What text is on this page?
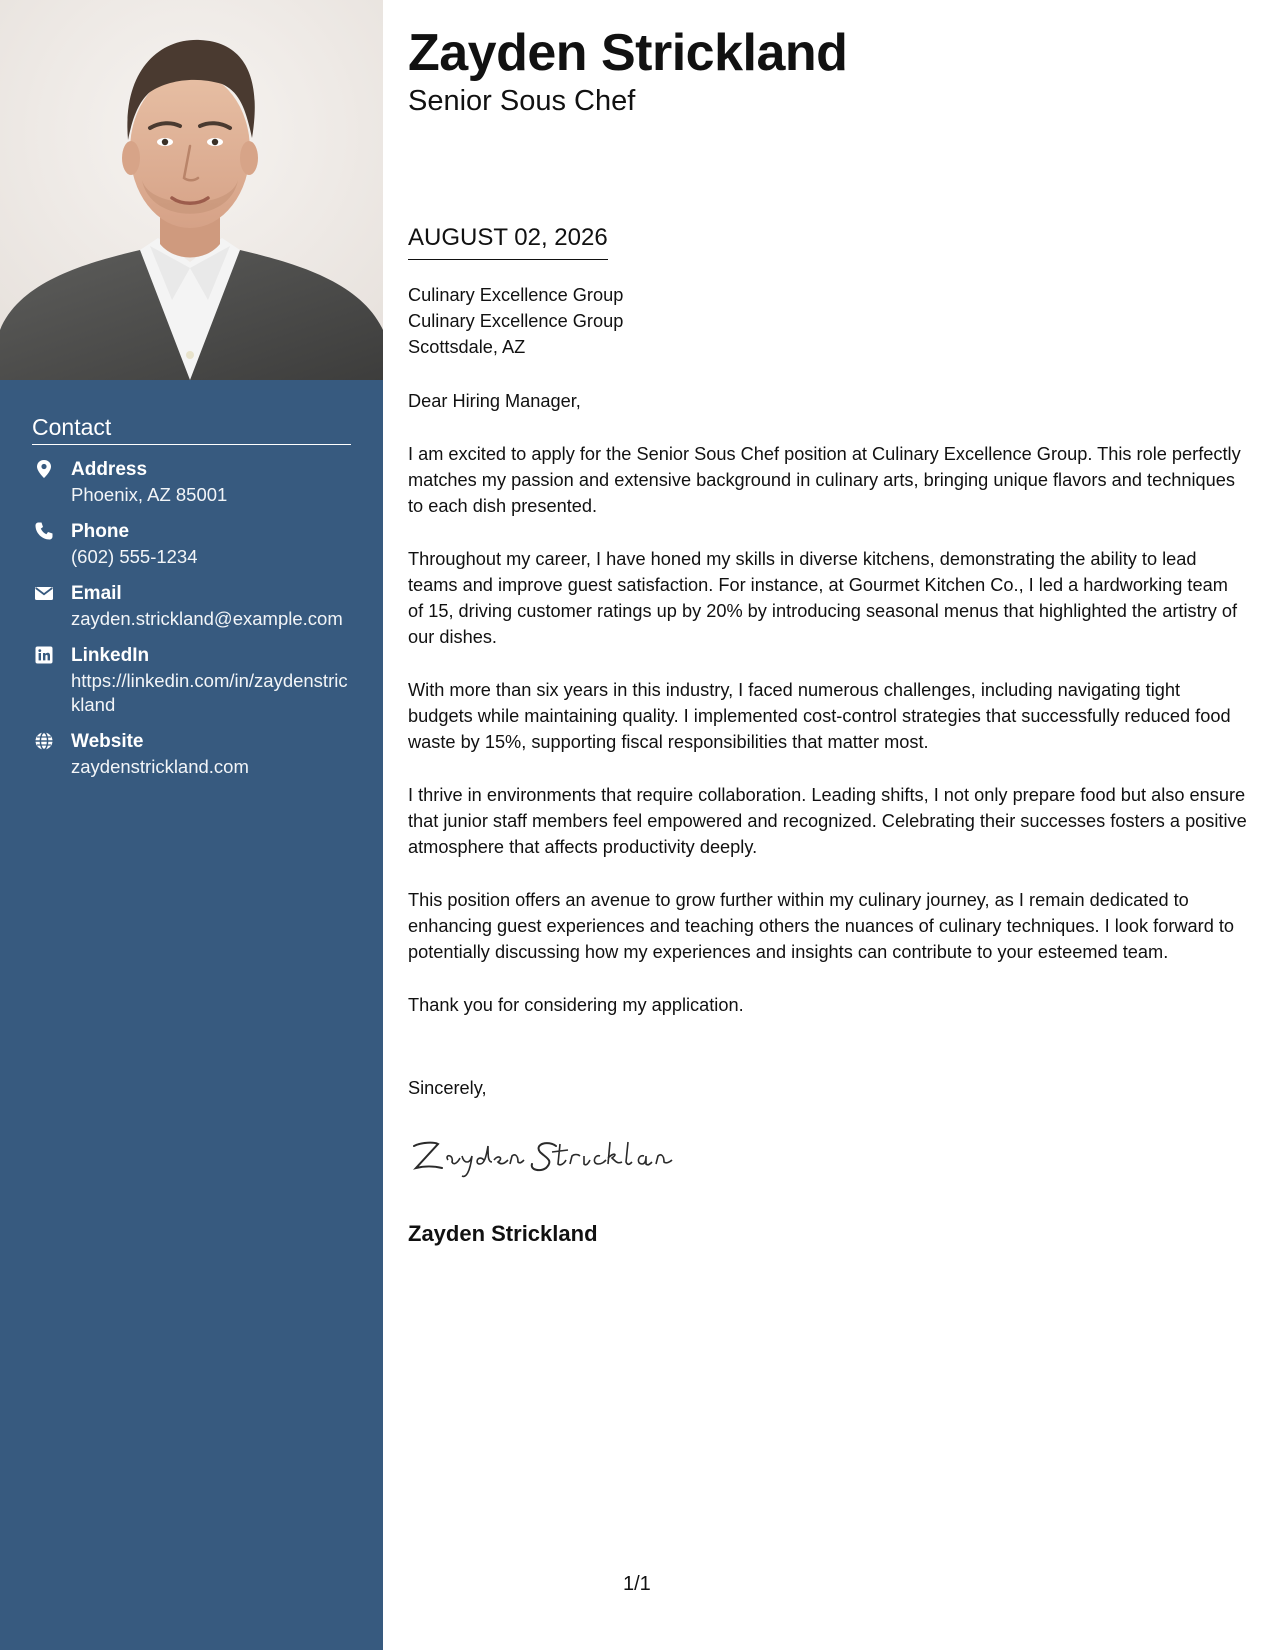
Contact
Address
Phoenix, AZ 85001
Phone
(602) 555-1234
Email
zayden.strickland@example.com
LinkedIn
https://linkedin.com/in/zaydenstrickland
Website
zaydenstrickland.com
Zayden Strickland
Senior Sous Chef
AUGUST 02, 2026
Culinary Excellence Group
Culinary Excellence Group
Scottsdale, AZ

Dear Hiring Manager,

I am excited to apply for the Senior Sous Chef position at Culinary Excellence Group. This role perfectly matches my passion and extensive background in culinary arts, bringing unique flavors and techniques to each dish presented.

Throughout my career, I have honed my skills in diverse kitchens, demonstrating the ability to lead teams and improve guest satisfaction. For instance, at Gourmet Kitchen Co., I led a hardworking team of 15, driving customer ratings up by 20% by introducing seasonal menus that highlighted the artistry of our dishes.

With more than six years in this industry, I faced numerous challenges, including navigating tight budgets while maintaining quality. I implemented cost-control strategies that successfully reduced food waste by 15%, supporting fiscal responsibilities that matter most.

I thrive in environments that require collaboration. Leading shifts, I not only prepare food but also ensure that junior staff members feel empowered and recognized. Celebrating their successes fosters a positive atmosphere that affects productivity deeply.

This position offers an avenue to grow further within my culinary journey, as I remain dedicated to enhancing guest experiences and teaching others the nuances of culinary techniques. I look forward to potentially discussing how my experiences and insights can contribute to your esteemed team.

Thank you for considering my application.

Sincerely,
Zayden Strickland
1/1
